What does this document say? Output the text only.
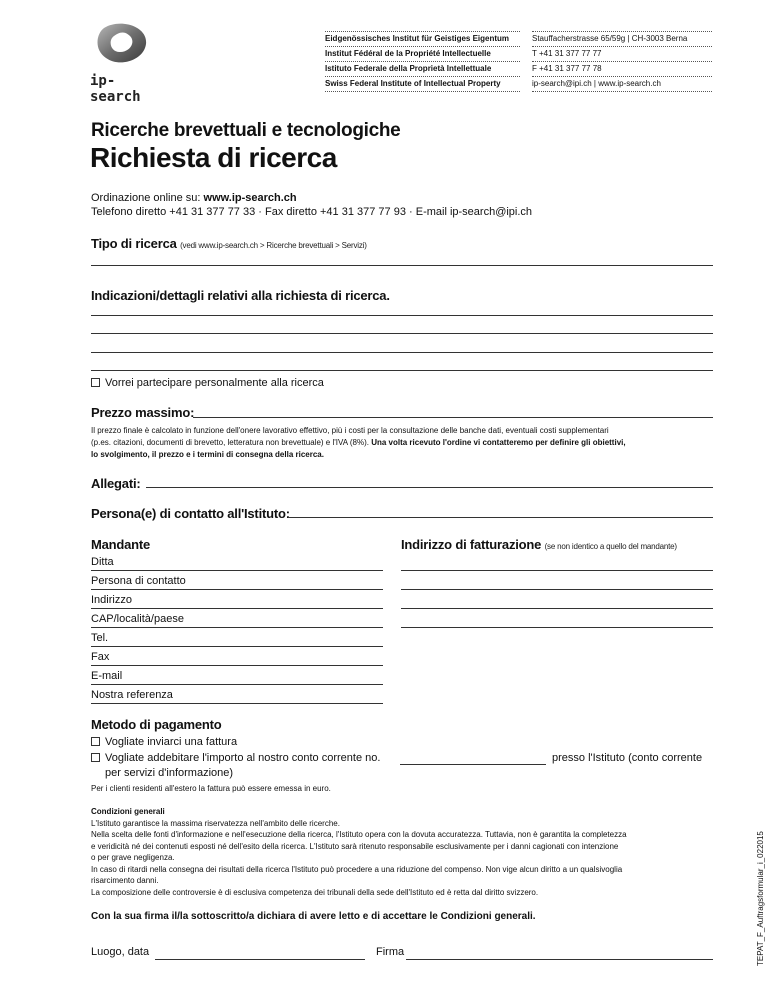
ip-search
Eidgenössisches Institut für Geistiges Eigentum
Institut Fédéral de la Propriété Intellectuelle
Istituto Federale della Proprietà Intellettuale
Swiss Federal Institute of Intellectual Property
Stauffacherstrasse 65/59g | CH-3003 Berna
T +41 31 377 77 77
F +41 31 377 77 78
ip-search@ipi.ch | www.ip-search.ch
Ricerche brevettuali e tecnologiche
Richiesta di ricerca
Ordinazione online su: www.ip-search.ch
Telefono diretto +41 31 377 77 33 · Fax diretto +41 31 377 77 93 · E-mail ip-search@ipi.ch
Tipo di ricerca (vedi www.ip-search.ch > Ricerche brevettuali > Servizi)
Indicazioni/dettagli relativi alla richiesta di ricerca.
Vorrei partecipare personalmente alla ricerca
Prezzo massimo:
Il prezzo finale è calcolato in funzione dell'onere lavorativo effettivo, più i costi per la consultazione delle banche dati, eventuali costi supplementari
(p.es. citazioni, documenti di brevetto, letteratura non brevettuale) e l'IVA (8%). Una volta ricevuto l'ordine vi contatteremo per definire gli obiettivi,
lo svolgimento, il prezzo e i termini di consegna della ricerca.
Allegati:
Persona(e) di contatto all'Istituto:
Mandante	Indirizzo di fatturazione (se non identico a quello del mandante)
Ditta
Persona di contatto
Indirizzo
CAP/località/paese
Tel.
Fax
E-mail
Nostra referenza
Metodo di pagamento
Vogliate inviarci una fattura
Vogliate addebitare l'importo al nostro conto corrente no.	presso l'Istituto (conto corrente
per servizi d'informazione)
Per i clienti residenti all'estero la fattura può essere emessa in euro.
Condizioni generali
L'Istituto garantisce la massima riservatezza nell'ambito delle ricerche.
Nella scelta delle fonti d'informazione e nell'esecuzione della ricerca, l'Istituto opera con la dovuta accuratezza. Tuttavia, non è garantita la completezza
e veridicità né dei contenuti esposti né dell'esito della ricerca. L'Istituto sarà ritenuto responsabile esclusivamente per i danni cagionati con intenzione
o per grave negligenza.
In caso di ritardi nella consegna dei risultati della ricerca l'Istituto può procedere a una riduzione del compenso. Non vige alcun diritto a un qualsivoglia
risarcimento danni.
La composizione delle controversie è di esclusiva competenza dei tribunali della sede dell'Istituto ed è retta dal diritto svizzero.
Con la sua firma il/la sottoscritto/a dichiara di avere letto e di accettare le Condizioni generali.
Luogo, data	Firma	TEPAT_F_Auftragsformular_i_022015
